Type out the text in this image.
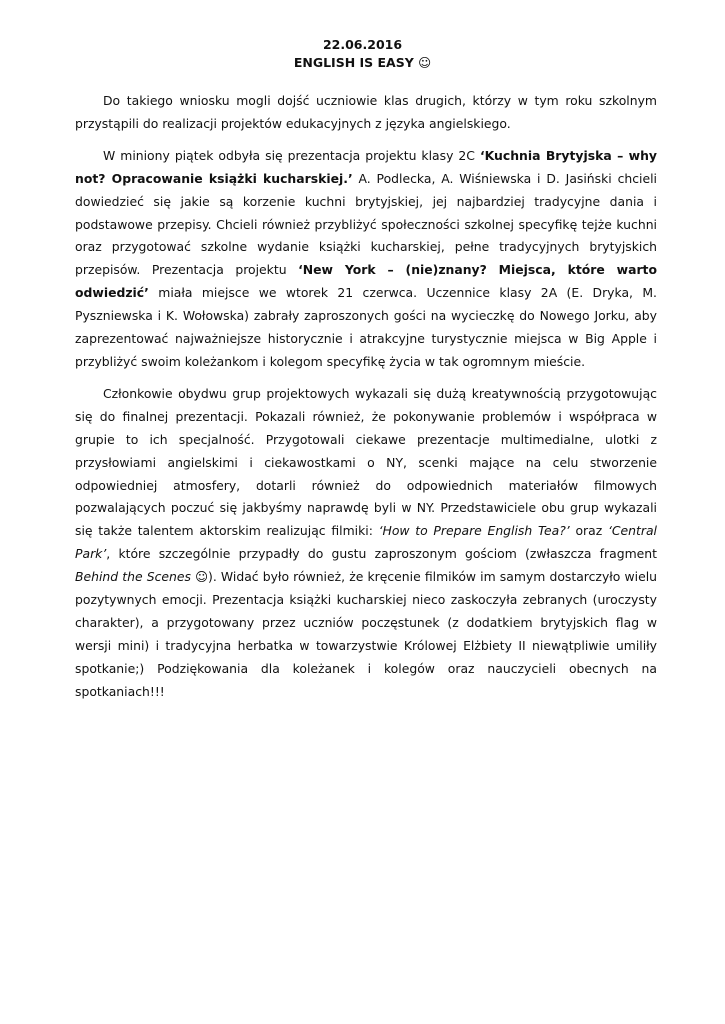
22.06.2016
ENGLISH IS EASY ☺

Do takiego wniosku mogli dojść uczniowie klas drugich, którzy w tym roku szkolnym przystąpili do realizacji projektów edukacyjnych z języka angielskiego.

W miniony piątek odbyła się prezentacja projektu klasy 2C ‘Kuchnia Brytyjska – why not? Opracowanie książki kucharskiej.’ A. Podlecka, A. Wiśniewska i D. Jasiński chcieli dowiedzieć się jakie są korzenie kuchni brytyjskiej, jej najbardziej tradycyjne dania i podstawowe przepisy. Chcieli również przybliżyć społeczności szkolnej specyfikę tejże kuchni oraz przygotować szkolne wydanie książki kucharskiej, pełne tradycyjnych brytyjskich przepisów. Prezentacja projektu ‘New York – (nie)znany? Miejsca, które warto odwiedzić’ miała miejsce we wtorek 21 czerwca. Uczennice klasy 2A (E. Dryka, M. Pyszniewska i K. Wołowska) zabrały zaproszonych gości na wycieczkę do Nowego Jorku, aby zaprezentować najważniejsze historycznie i atrakcyjne turystycznie miejsca w Big Apple i przybliżyć swoim koleżankom i kolegom specyfikę życia w tak ogromnym mieście.

Członkowie obydwu grup projektowych wykazali się dużą kreatywnością przygotowując się do finalnej prezentacji. Pokazali również, że pokonywanie problemów i współpraca w grupie to ich specjalność. Przygotowali ciekawe prezentacje multimedialne, ulotki z przysłowiami angielskimi i ciekawostkami o NY, scenki mające na celu stworzenie odpowiedniej atmosfery, dotarli również do odpowiednich materiałów filmowych pozwalających poczuć się jakbyśmy naprawdę byli w NY. Przedstawiciele obu grup wykazali się także talentem aktorskim realizując filmiki: ‘How to Prepare English Tea?’ oraz ‘Central Park’, które szczególnie przypadły do gustu zaproszonym gościom (zwłaszcza fragment Behind the Scenes ☺). Widać było również, że kręcenie filmików im samym dostarczyło wielu pozytywnych emocji. Prezentacja książki kucharskiej nieco zaskoczyła zebranych (uroczysty charakter), a przygotowany przez uczniów poczęstunek (z dodatkiem brytyjskich flag w wersji mini) i tradycyjna herbatka w towarzystwie Królowej Elżbiety II niewątpliwie umiliły spotkanie;) Podziękowania dla koleżanek i kolegów oraz nauczycieli obecnych na spotkaniach!!!
